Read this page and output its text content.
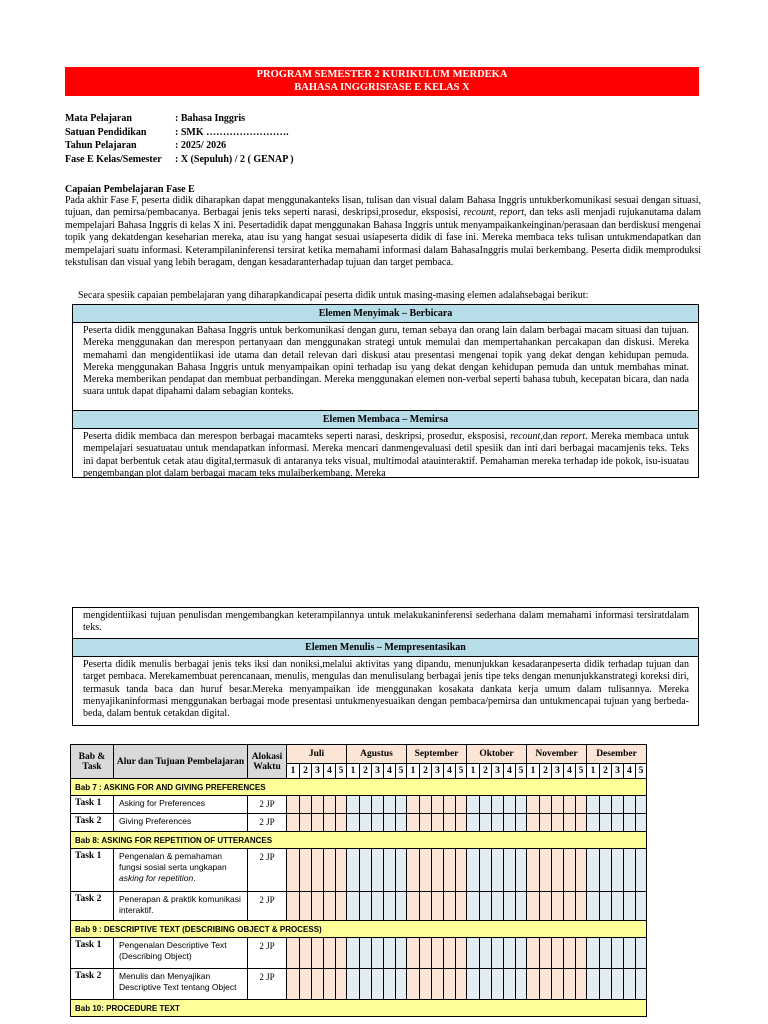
PROGRAM SEMESTER 2 KURIKULUM MERDEKA
BAHASA INGGRISFASE E KELAS X
Mata Pelajaran	: Bahasa Inggris
Satuan Pendidikan	: SMK …………………….
Tahun Pelajaran	: 2025/ 2026
Fase E Kelas/Semester	: X (Sepuluh) / 2 ( GENAP )
Capaian Pembelajaran Fase E
Pada akhir Fase F, peserta didik diharapkan dapat menggunakanteks lisan, tulisan dan visual dalam Bahasa Inggris untukberkomunikasi sesuai dengan situasi, tujuan, dan pemirsa/pembacanya. Berbagai jenis teks seperti narasi, deskripsi,prosedur, eksposisi, recount, report, dan teks asli menjadi rujukanutama dalam mempelajari Bahasa Inggris di kelas X ini. Pesertadidik dapat menggunakan Bahasa Inggris untuk menyampaikankeinginan/perasaan dan berdiskusi mengenai topik yang dekatdengan keseharian mereka, atau isu yang hangat sesuai usiapeserta didik di fase ini. Mereka membaca teks tulisan untukmendapatkan dan mempelajari suatu informasi. Keterampilaninferensi tersirat ketika memahami informasi dalam BahasaInggris mulai berkembang. Peserta didik memproduksi tekstulisan dan visual yang lebih beragam, dengan kesadaranterhadap tujuan dan target pembaca.
Secara spesiik capaian pembelajaran yang diharapkandicapai peserta didik untuk masing-masing elemen adalahsebagai berikut:
Elemen Menyimak – Berbicara
Peserta didik menggunakan Bahasa Inggris untuk berkomunikasi dengan guru, teman sebaya dan orang lain dalam berbagai macam situasi dan tujuan. Mereka menggunakan dan merespon pertanyaan dan menggunakan strategi untuk memulai dan mempertahankan percakapan dan diskusi. Mereka memahami dan mengidentiikasi ide utama dan detail relevan dari diskusi atau presentasi mengenai topik yang dekat dengan kehidupan pemuda. Mereka menggunakan Bahasa Inggris untuk menyampaikan opini terhadap isu yang dekat dengan kehidupan pemuda dan untuk membahas minat. Mereka memberikan pendapat dan membuat perbandingan. Mereka menggunakan elemen non-verbal seperti bahasa tubuh, kecepatan bicara, dan nada suara untuk dapat dipahami dalam sebagian konteks.
Elemen Membaca – Memirsa
Peserta didik membaca dan merespon berbagai macamteks seperti narasi, deskripsi, prosedur, eksposisi, recount,dan report. Mereka membaca untuk mempelajari sesuatuatau untuk mendapatkan informasi. Mereka mencari danmengevaluasi detil spesiik dan inti dari berbagai macamjenis teks. Teks ini dapat berbentuk cetak atau digital,termasuk di antaranya teks visual, multimodal atauinteraktif. Pemahaman mereka terhadap ide pokok, isu-isuatau pengembangan plot dalam berbagai macam teks mulaiberkembang. Mereka
mengidentiikasi tujuan penulisdan mengembangkan keterampilannya untuk melakukaninferensi sederhana dalam memahami informasi tersiratdalam teks.
Elemen Menulis – Mempresentasikan
Peserta didik menulis berbagai jenis teks iksi dan noniksi,melalui aktivitas yang dipandu, menunjukkan kesadaranpeserta didik terhadap tujuan dan target pembaca. Merekamembuat perencanaan, menulis, mengulas dan menulisulang berbagai jenis tipe teks dengan menunjukkanstrategi koreksi diri, termasuk tanda baca dan huruf besar.Mereka menyampaikan ide menggunakan kosakata dankata kerja umum dalam tulisannya. Mereka menyajikaninformasi menggunakan berbagai mode presentasi untukmenyesuaikan dengan pembaca/pemirsa dan untukmencapai tujuan yang berbeda-beda, dalam bentuk cetakdan digital.
Bab & Task	Alur dan Tujuan Pembelajaran	Alokasi Waktu	Juli					Agustus					September					Oktober					November					Desember				
			1	2	3	4	5	1	2	3	4	5	1	2	3	4	5	1	2	3	4	5	1	2	3	4	5	1	2	3	4	5
Bab 7 : ASKING FOR AND GIVING PREFERENCES																																
Task 1	Asking for Preferences	2 JP																														
Task 2	Giving Preferences	2 JP																														
Bab 8: ASKING FOR REPETITION OF UTTERANCES																																
Task 1	Pengenalan & pemahaman fungsi sosial serta ungkapan asking for repetition.	2 JP																														
Task 2	Penerapan & praktik komunikasi interaktif.	2 JP																														
Bab 9 : DESCRIPTIVE TEXT (DESCRIBING OBJECT & PROCESS)																																
Task 1	Pengenalan Descriptive Text (Describing Object)	2 JP																														
Task 2	Menulis dan Menyajikan Descriptive Text tentang Object	2 JP																														
Bab 10: PROCEDURE TEXT																																
